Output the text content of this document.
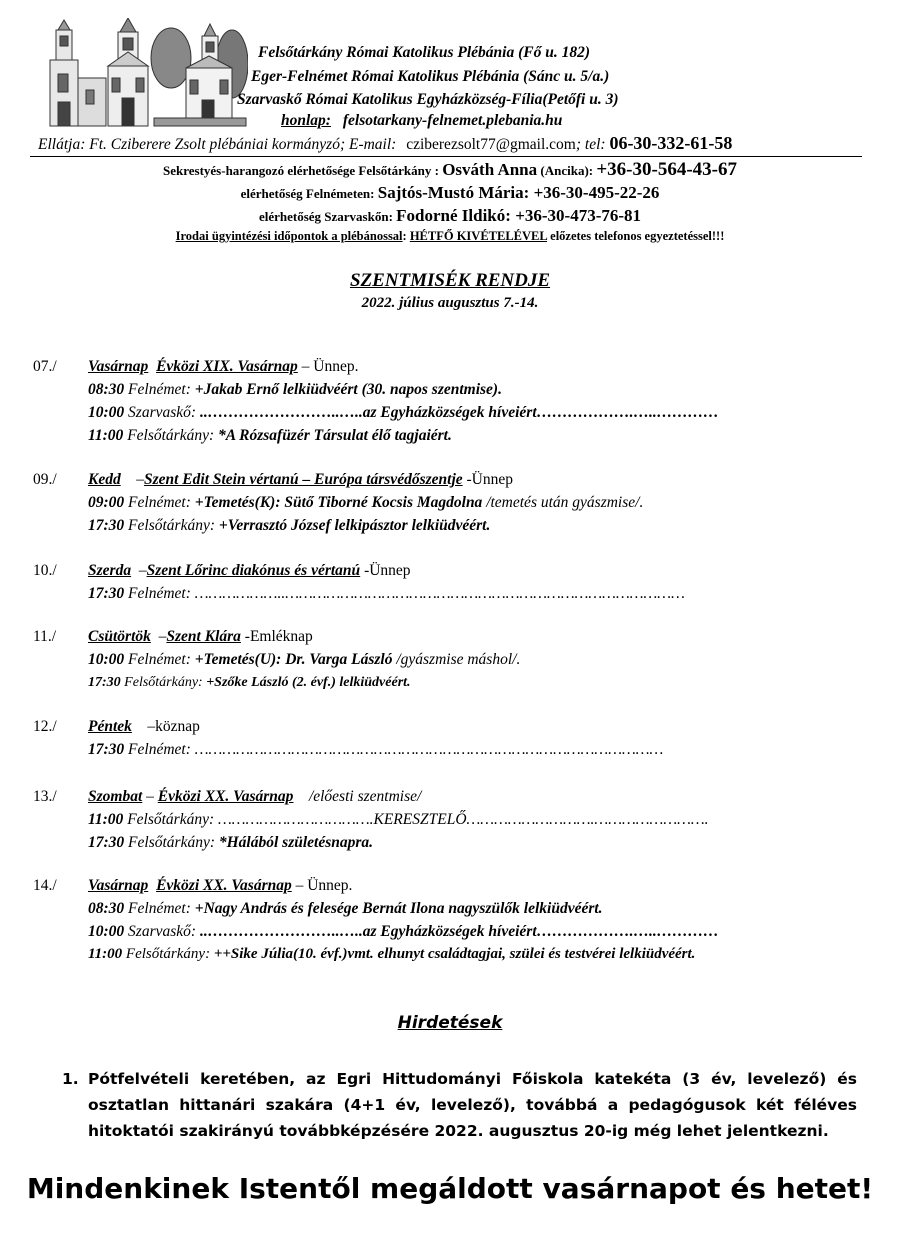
Felsőtárkány Római Katolikus Plébánia (Fő u. 182)
Eger-Felnémet Római Katolikus Plébánia (Sánc u. 5/a.)
Szarvaskő Római Katolikus Egyházközség-Fília(Petőfi u. 3)
honlap: felsotarkany-felnemet.plebania.hu
Ellátja: Ft. Cziberere Zsolt plébániai kormányzó; E-mail: cziberezsolt77@gmail.com; tel: 06-30-332-61-58
Sekrestyés-harangozó elérhetősége Felsőtárkány : Osváth Anna (Ancika): +36-30-564-43-67
elérhetőség Felnémeten: Sajtós-Mustó Mária: +36-30-495-22-26
elérhetőség Szarvaskőn: Fodorné Ildikó: +36-30-473-76-81
Irodai ügyintézési időpontok a plébánossal: HÉTFŐ KIVÉTELÉVEL előzetes telefonos egyeztetéssel!!!
SZENTMISÉK RENDJE
2022. július augusztus 7.-14.
07./ Vasárnap Évközi XIX. Vasárnap – Ünnep.
08:30 Felnémet: +Jakab Ernő lelkiüdvéért (30. napos szentmise).
10:00 Szarvaskő: ..……………………..…..az Egyházközségek híveiért……………….…..…………
11:00 Felsőtárkány: *A Rózsafüzér Társulat élő tagjaiért.
09./ Kedd    –Szent Edit Stein vértanú – Európa társvédőszentje -Ünnep
09:00 Felnémet: +Temetés(K): Sütő Tiborné Kocsis Magdolna /temetés után gyászmise/.
17:30 Felsőtárkány: +Verrasztó József lelkipásztor lelkiüdvéért.
10./ Szerda  –Szent Lőrinc diakónus és vértanú -Ünnep
17:30 Felnémet: ………………..……………………………………………………………………………
11./ Csütörtök  –Szent Klára -Emléknap
10:00 Felnémet: +Temetés(U): Dr. Varga László /gyászmise máshol/.
17:30 Felsőtárkány: +Szőke László (2. évf.) lelkiüdvéért.
12./ Péntek    –köznap
17:30 Felnémet: …………………………………………………………………………………………
13./ Szombat – Évközi XX. Vasárnap    /előesti szentmise/
11:00 Felsőtárkány: …………………………….KERESZTELŐ……………………….…………………….
17:30 Felsőtárkány: *Hálából születésnapra.
14./ Vasárnap Évközi XX. Vasárnap – Ünnep.
08:30 Felnémet: +Nagy András és felesége Bernát Ilona nagyszülők lelkiüdvéért.
10:00 Szarvaskő: ..……………………..…..az Egyházközségek híveiért……………….…..…………
11:00 Felsőtárkány: ++Sike Júlia(10. évf.)vmt. elhunyt családtagjai, szülei és testvérei lelkiüdvéért.
Hirdetések
1. Pótfelvételi keretében, az Egri Hittudományi Főiskola katekéta (3 év, levelező) és osztatlan hittanári szakára (4+1 év, levelező), továbbá a pedagógusok két féléves hitoktatói szakirányú továbbképzésére 2022. augusztus 20-ig még lehet jelentkezni.
Mindenkinek Istentől megáldott vasárnapot és hetet!
